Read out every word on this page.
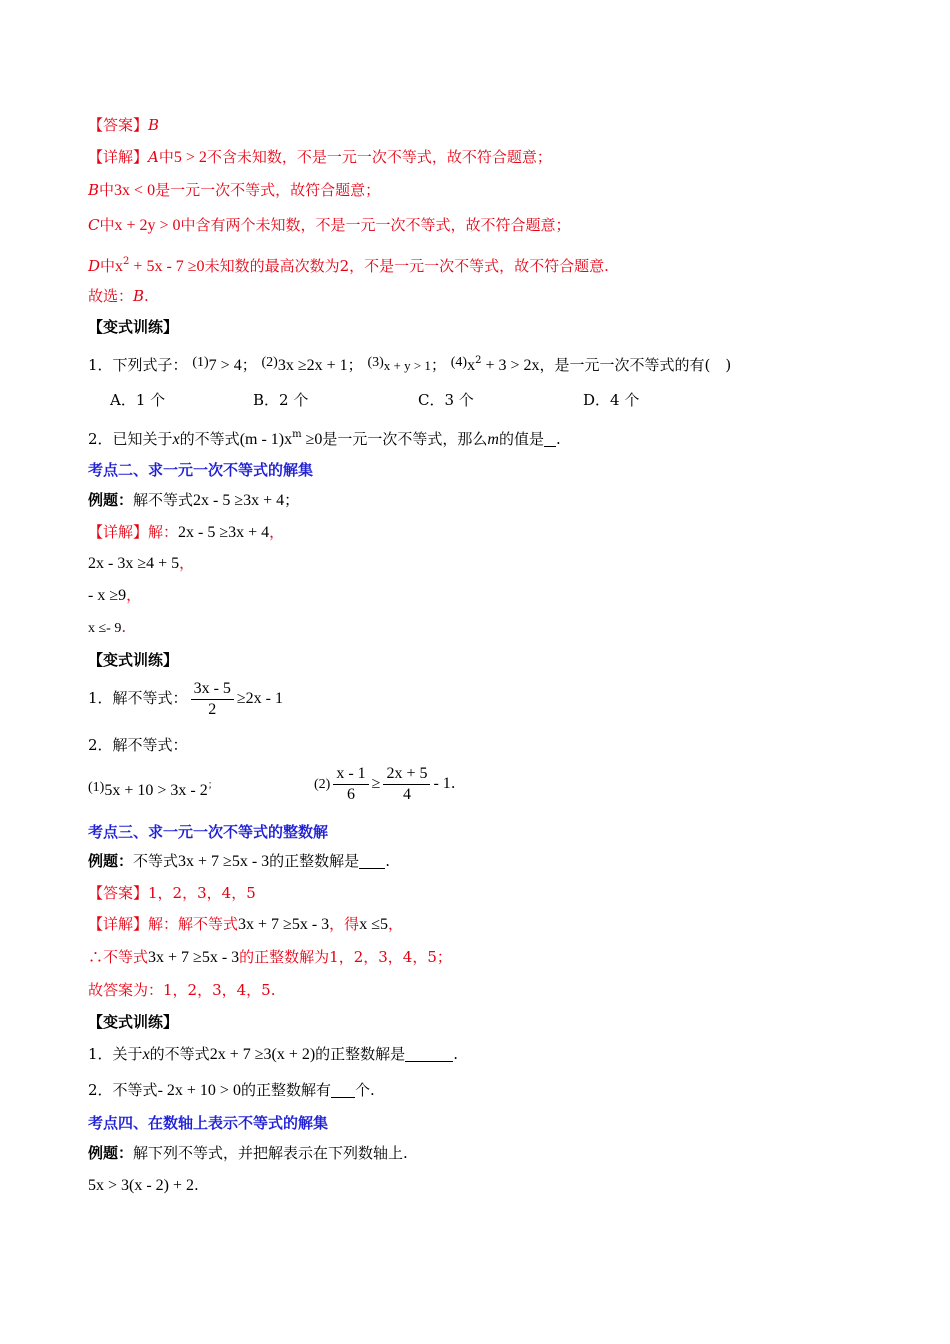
【答案】B
【详解】A中5 > 2不含未知数，不是一元一次不等式，故不符合题意；
B中3x < 0是一元一次不等式，故符合题意；
C中x + 2y > 0中含有两个未知数，不是一元一次不等式，故不符合题意；
D中$x^2 + 5x - 7 \ge 0$未知数的最高次数为2，不是一元一次不等式，故不符合题意.
故选：B.
【变式训练】
1．下列式子： (1)7 > 4； (2)3x ≥2x + 1； (3)x + y > 1； $(4)x^2 + 3 > 2x$，是一元一次不等式的有(　)
A．1 个	B．2 个	C．3 个	D．4 个
2．已知关于x的不等式$(m - 1)x^m \ge 0$是一元一次不等式，那么m的值是 .
考点二、求一元一次不等式的解集
例题：解不等式2x - 5 ≥3x + 4；
【详解】解：2x - 5 ≥3x + 4，
2x - 3x ≥4 + 5，
- x ≥9，
x ≤- 9.
【变式训练】
1．解不等式： $\frac{3x - 5}{2} \ge 2x - 1$
2．解不等式：
(1)5x + 10 > 3x - 2；	$(2) \frac{x - 1}{6} \ge \frac{2x + 5}{4} - 1$.
考点三、求一元一次不等式的整数解
例题：不等式3x + 7 ≥5x - 3的正整数解是 .
【答案】1，2，3，4，5
【详解】解：解不等式3x + 7 ≥5x - 3，得x ≤5，
∴不等式3x + 7 ≥5x - 3的正整数解为1，2，3，4，5；
故答案为：1，2，3，4，5.
【变式训练】
1．关于x的不等式2x + 7 ≥3(x + 2)的正整数解是	.
2．不等式- 2x + 10 > 0的正整数解有 个.
考点四、在数轴上表示不等式的解集
例题：解下列不等式，并把解表示在下列数轴上.
5x > 3(x - 2) + 2.
